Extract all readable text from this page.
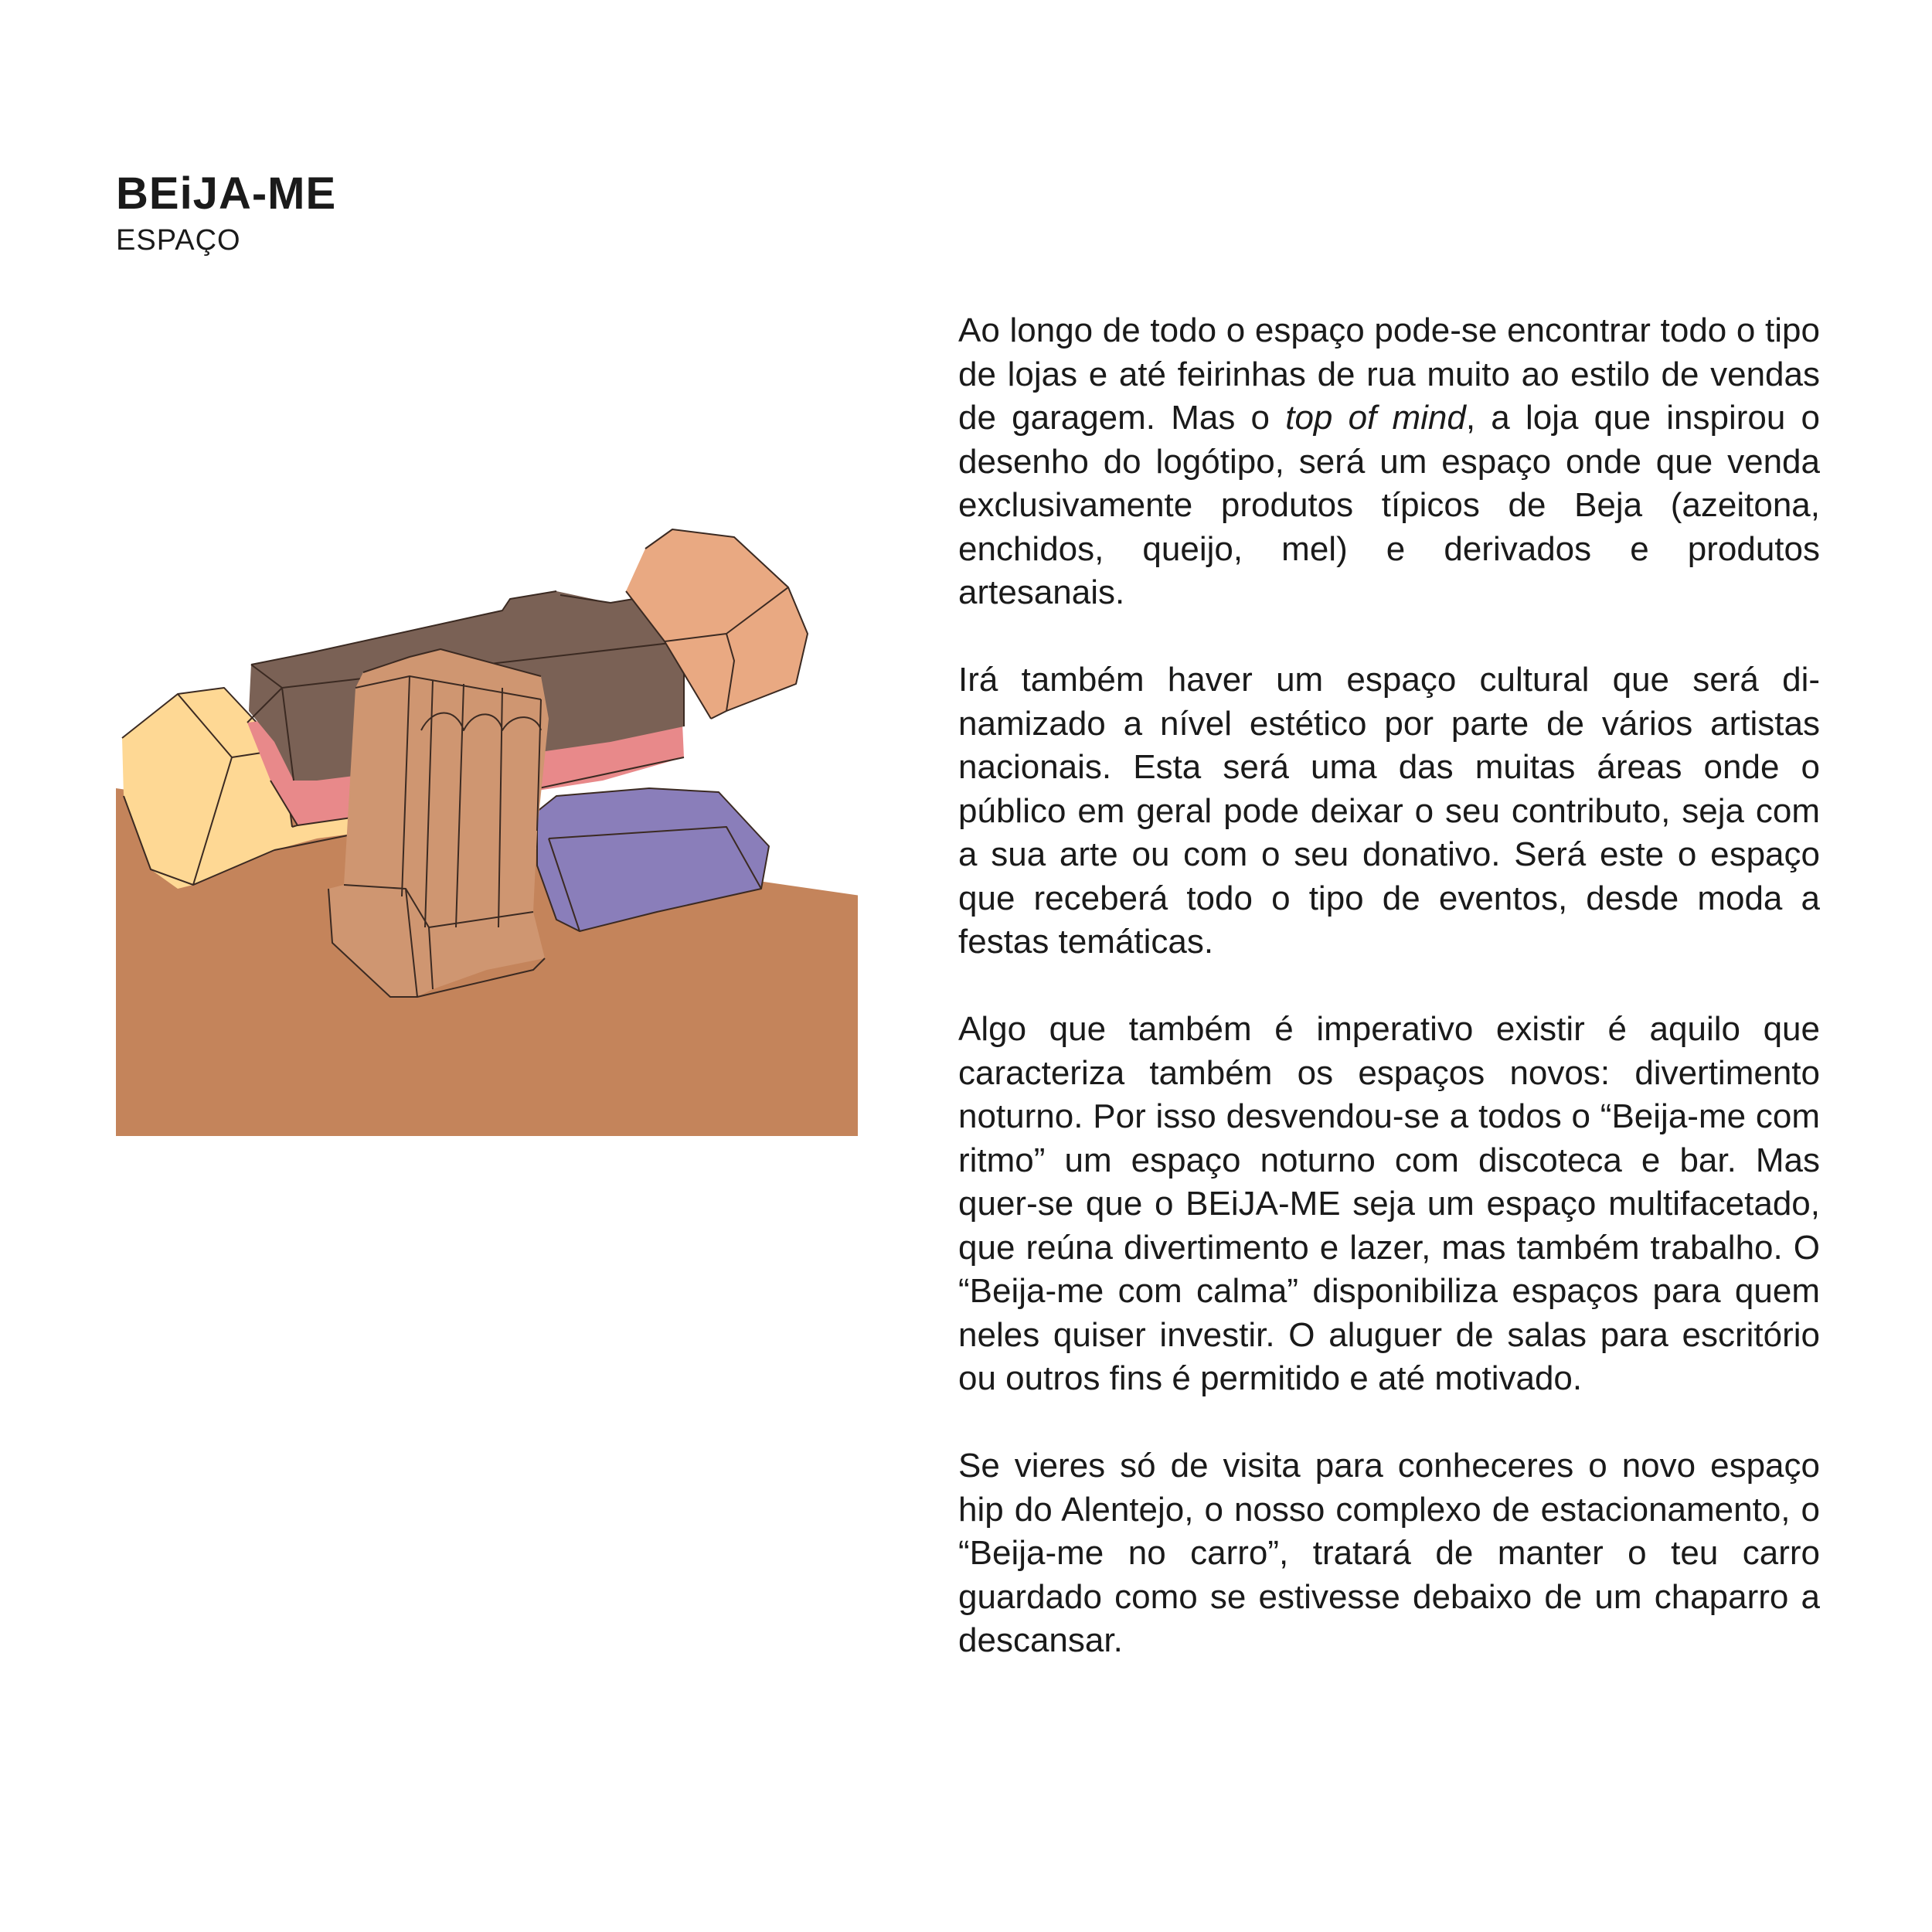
BEiJA-ME
ESPAÇO

Ao longo de todo o espaço pode-se encontrar todo o tipo de lojas e até feirinhas de rua muito ao estilo de vendas de garagem. Mas o top of mind, a loja que inspirou o desenho do logótipo, será um espaço onde que venda exclusivamente produtos típicos de Beja (azeitona, enchidos, queijo, mel) e derivados e produtos artesanais.

Irá também haver um espaço cultural que será dinamizado a nível estético por parte de vários artistas nacionais. Esta será uma das muitas áreas onde o público em geral pode deixar o seu contributo, seja com a sua arte ou com o seu donativo. Será este o espaço que receberá todo o tipo de eventos, desde moda a festas temáticas.

Algo que também é imperativo existir é aquilo que caracteriza também os espaços novos: divertimento noturno. Por isso desvendou-se a todos o “Beija-me com ritmo” um espaço noturno com discoteca e bar. Mas quer-se que o BEiJA-ME seja um espaço multifacetado, que reúna divertimento e lazer, mas também trabalho. O “Beija-me com calma” disponibiliza espaços para quem neles quiser investir. O aluguer de salas para escritório ou outros fins é permitido e até motivado.

Se vieres só de visita para conheceres o novo espaço hip do Alentejo, o nosso complexo de estacionamento, o “Beija-me no carro”, tratará de manter o teu carro guardado como se estivesse debaixo de um chaparro a descansar.
